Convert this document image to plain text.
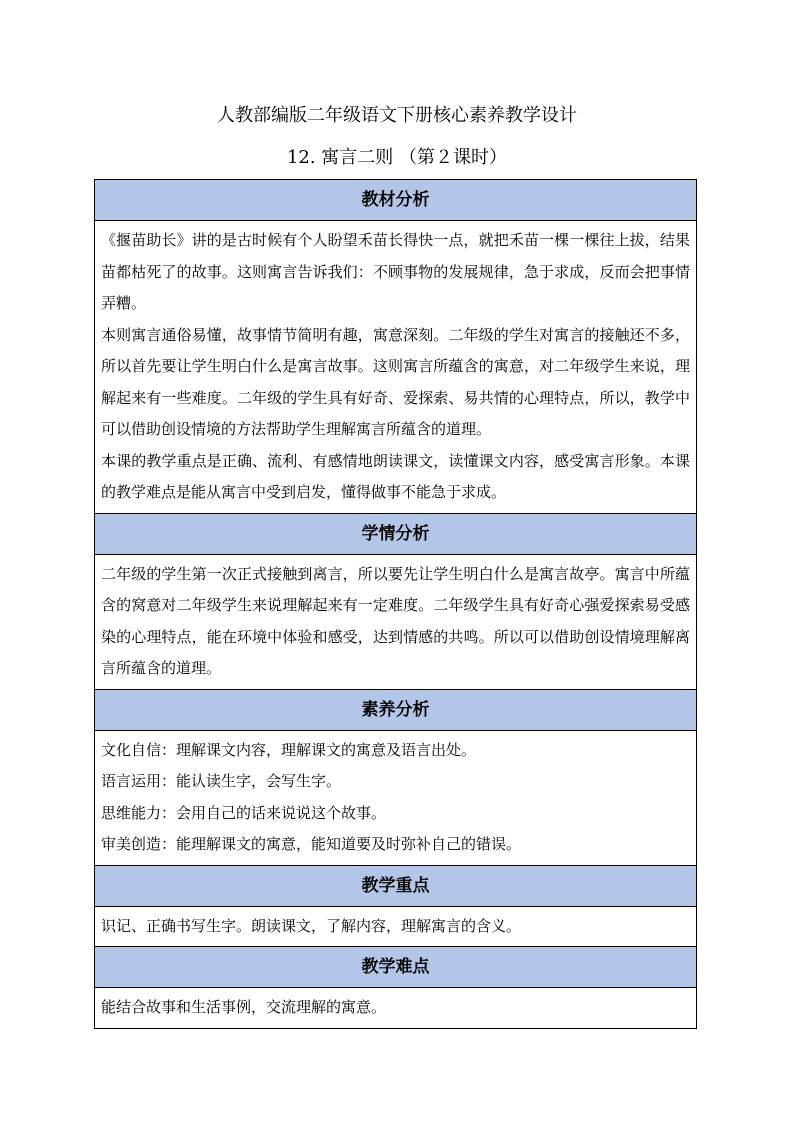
人教部编版二年级语文下册核心素养教学设计
12. 寓言二则 （第２课时）
教材分析

《揠苗助长》讲的是古时候有个人盼望禾苗长得快一点，就把禾苗一棵一棵往上拔，结果苗都枯死了的故事。这则寓言告诉我们：不顾事物的发展规律，急于求成，反而会把事情弄糟。

本则寓言通俗易懂，故事情节简明有趣，寓意深刻。二年级的学生对寓言的接触还不多，所以首先要让学生明白什么是寓言故事。这则寓言所蕴含的寓意，对二年级学生来说，理解起来有一些难度。二年级的学生具有好奇、爱探索、易共情的心理特点，所以，教学中可以借助创设情境的方法帮助学生理解寓言所蕴含的道理。

本课的教学重点是正确、流利、有感情地朗读课文，读懂课文内容，感受寓言形象。本课的教学难点是能从寓言中受到启发，懂得做事不能急于求成。

学情分析

二年级的学生第一次正式接触到离言，所以要先让学生明白什么是寓言故亭。寓言中所蕴含的窝意对二年级学生来说理解起来有一定难度。二年级学生具有好奇心强爱探索易受感染的心理特点，能在环境中体验和感受，达到情感的共鸣。所以可以借助创设情境理解离言所蕴含的道理。

素养分析

文化自信：理解课文内容，理解课文的寓意及语言出处。

语言运用：能认读生字，会写生字。

思维能力：会用自己的话来说说这个故事。

审美创造：能理解课文的寓意，能知道要及时弥补自己的错误。

教学重点

识记、正确书写生字。朗读课文，了解内容，理解寓言的含义。

教学难点

能结合故事和生活事例，交流理解的寓意。
